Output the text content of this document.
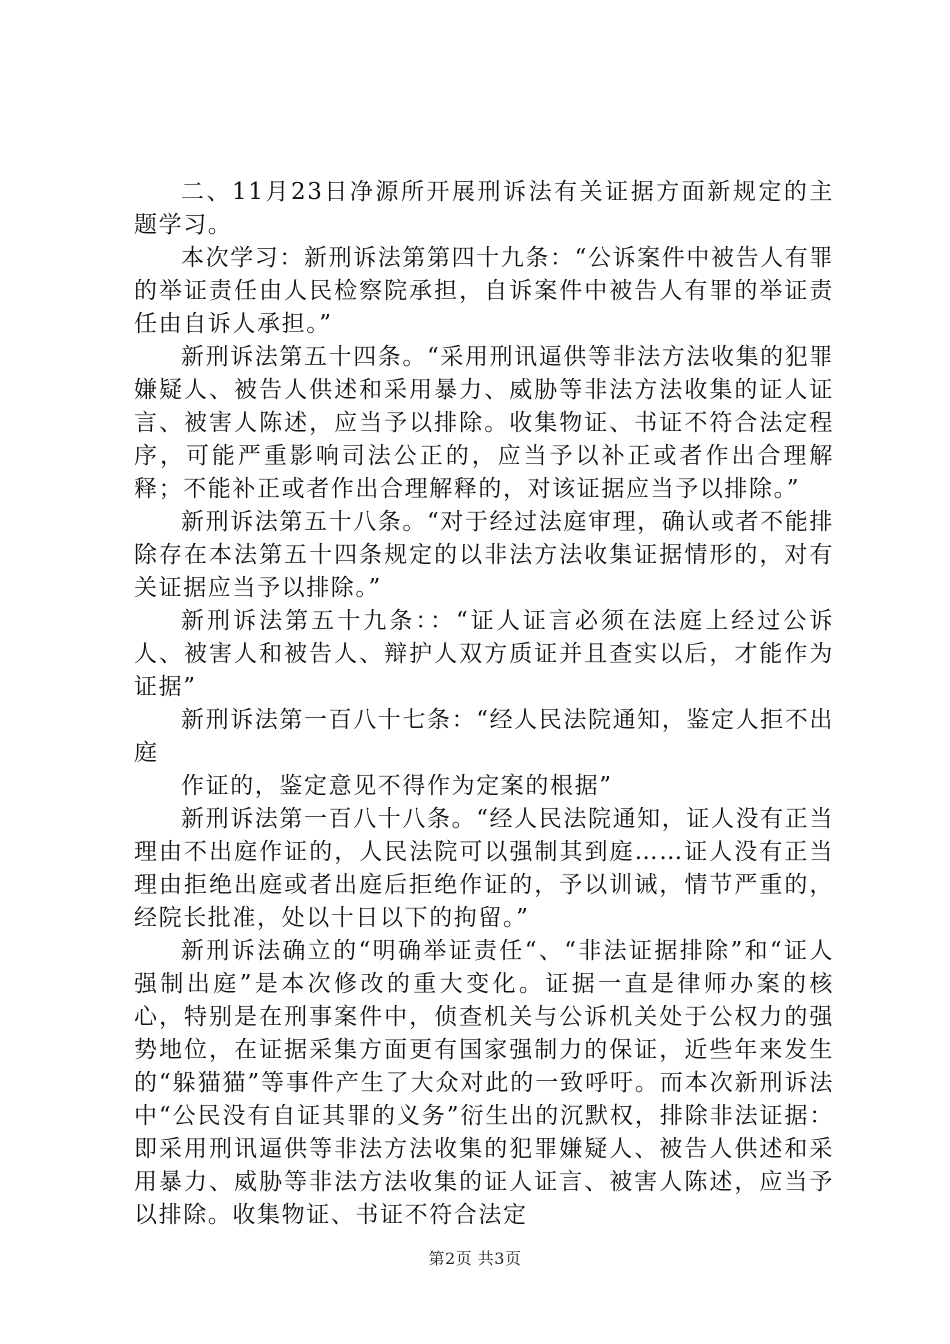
二、11月23日净源所开展刑诉法有关证据方面新规定的主题学习。

本次学习：新刑诉法第第四十九条：“公诉案件中被告人有罪的举证责任由人民检察院承担，自诉案件中被告人有罪的举证责任由自诉人承担。”

新刑诉法第五十四条。“采用刑讯逼供等非法方法收集的犯罪嫌疑人、被告人供述和采用暴力、威胁等非法方法收集的证人证言、被害人陈述，应当予以排除。收集物证、书证不符合法定程序，可能严重影响司法公正的，应当予以补正或者作出合理解释；不能补正或者作出合理解释的，对该证据应当予以排除。”

新刑诉法第五十八条。“对于经过法庭审理，确认或者不能排除存在本法第五十四条规定的以非法方法收集证据情形的，对有关证据应当予以排除。”

新刑诉法第五十九条：：“证人证言必须在法庭上经过公诉人、被害人和被告人、辩护人双方质证并且查实以后，才能作为证据”

新刑诉法第一百八十七条：“经人民法院通知，鉴定人拒不出庭

作证的，鉴定意见不得作为定案的根据”

新刑诉法第一百八十八条。“经人民法院通知，证人没有正当理由不出庭作证的，人民法院可以强制其到庭……证人没有正当理由拒绝出庭或者出庭后拒绝作证的，予以训诫，情节严重的，经院长批准，处以十日以下的拘留。”

新刑诉法确立的“明确举证责任“、“非法证据排除”和“证人强制出庭”是本次修改的重大变化。证据一直是律师办案的核心，特别是在刑事案件中，侦查机关与公诉机关处于公权力的强势地位，在证据采集方面更有国家强制力的保证，近些年来发生的“躲猫猫”等事件产生了大众对此的一致呼吁。而本次新刑诉法中“公民没有自证其罪的义务”衍生出的沉默权，排除非法证据：即采用刑讯逼供等非法方法收集的犯罪嫌疑人、被告人供述和采用暴力、威胁等非法方法收集的证人证言、被害人陈述，应当予以排除。收集物证、书证不符合法定

第2页 共3页
